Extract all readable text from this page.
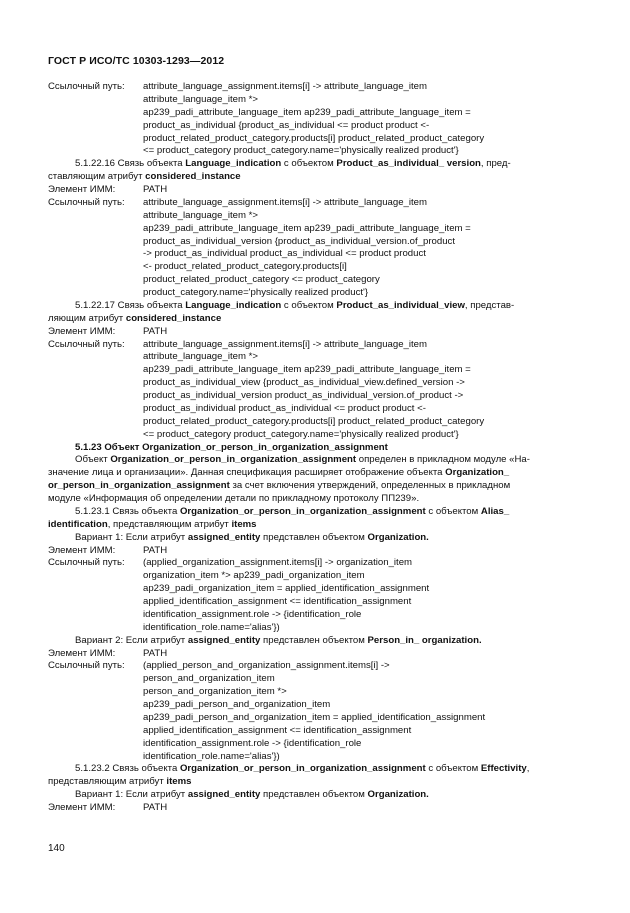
ГОСТ Р ИСО/ТС 10303-1293—2012
Ссылочный путь: attribute_language_assignment.items[i] -> attribute_language_item
attribute_language_item *>
ap239_padi_attribute_language_item ap239_padi_attribute_language_item =
product_as_individual {product_as_individual <= product product <-
product_related_product_category.products[i] product_related_product_category
<= product_category product_category.name='physically realized product'}
5.1.22.16 Связь объекта Language_indication с объектом Product_as_individual_ version, пред-
ставляющим атрибут considered_instance
Элемент ИММ:	PATH
Ссылочный путь: attribute_language_assignment.items[i] -> attribute_language_item
attribute_language_item *>
ap239_padi_attribute_language_item ap239_padi_attribute_language_item =
product_as_individual_version {product_as_individual_version.of_product
-> product_as_individual product_as_individual <= product product
<- product_related_product_category.products[i]
product_related_product_category <= product_category
product_category.name='physically realized product'}
5.1.22.17 Связь объекта Language_indication с объектом Product_as_individual_view, представ-
ляющим атрибут considered_instance
Элемент ИММ:	PATH
Ссылочный путь: attribute_language_assignment.items[i] -> attribute_language_item
attribute_language_item *>
ap239_padi_attribute_language_item ap239_padi_attribute_language_item =
product_as_individual_view {product_as_individual_view.defined_version ->
product_as_individual_version product_as_individual_version.of_product ->
product_as_individual product_as_individual <= product product <-
product_related_product_category.products[i] product_related_product_category
<= product_category product_category.name='physically realized product'}
5.1.23 Объект Organization_or_person_in_organization_assignment
Объект Organization_or_person_in_organization_assignment определен в прикладном модуле «На-
значение лица и организации». Данная спецификация расширяет отображение объекта Organization_
or_person_in_organization_assignment за счет включения утверждений, определенных в прикладном
модуле «Информация об определении детали по прикладному протоколу ПП239».
5.1.23.1 Связь объекта Organization_or_person_in_organization_assignment с объектом Alias_
identification, представляющим атрибут items
Вариант 1: Если атрибут assigned_entity представлен объектом Organization.
Элемент ИММ:	PATH
Ссылочный путь: (applied_organization_assignment.items[i] -> organization_item
organization_item *> ap239_padi_organization_item
ap239_padi_organization_item = applied_identification_assignment
applied_identification_assignment <= identification_assignment
identification_assignment.role -> {identification_role
identification_role.name='alias'})
Вариант 2: Если атрибут assigned_entity представлен объектом Person_in_ organization.
Элемент ИММ:	PATH
Ссылочный путь: (applied_person_and_organization_assignment.items[i] ->
person_and_organization_item
person_and_organization_item *>
ap239_padi_person_and_organization_item
ap239_padi_person_and_organization_item = applied_identification_assignment
applied_identification_assignment <= identification_assignment
identification_assignment.role -> {identification_role
identification_role.name='alias'})
5.1.23.2 Связь объекта Organization_or_person_in_organization_assignment с объектом Effectivity,
представляющим атрибут items
Вариант 1: Если атрибут assigned_entity представлен объектом Organization.
Элемент ИММ:	PATH
140
